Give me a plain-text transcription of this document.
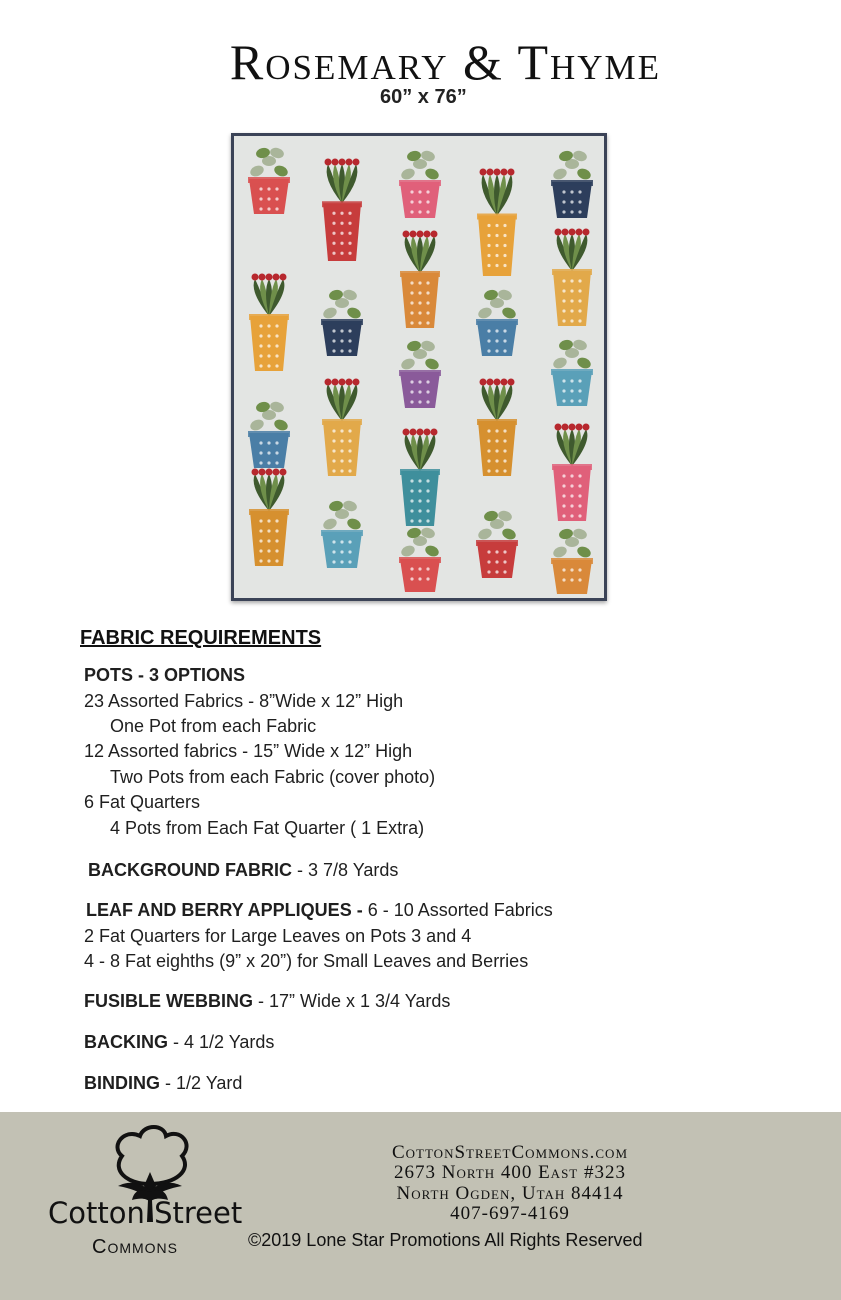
Rosemary & Thyme
60” x 76”
FABRIC REQUIREMENTS
POTS - 3 OPTIONS
23 Assorted Fabrics - 8”Wide x 12” High
One Pot from each Fabric
12 Assorted fabrics - 15” Wide x 12” High
Two Pots from each Fabric (cover photo)
6 Fat Quarters
4 Pots from Each Fat Quarter ( 1 Extra)
BACKGROUND FABRIC - 3 7/8 Yards
LEAF AND BERRY APPLIQUES - 6 - 10 Assorted Fabrics
2 Fat Quarters for Large Leaves on Pots 3 and 4
4 - 8 Fat eighths (9” x 20”) for Small Leaves and Berries
FUSIBLE WEBBING - 17” Wide x 1 3/4 Yards
BACKING - 4 1/2 Yards
BINDING - 1/2 Yard
Cotton Street
Commons
CottonStreetCommons.com
2673 North 400 East #323
North Ogden, Utah 84414
407-697-4169
©2019 Lone Star Promotions All Rights Reserved
